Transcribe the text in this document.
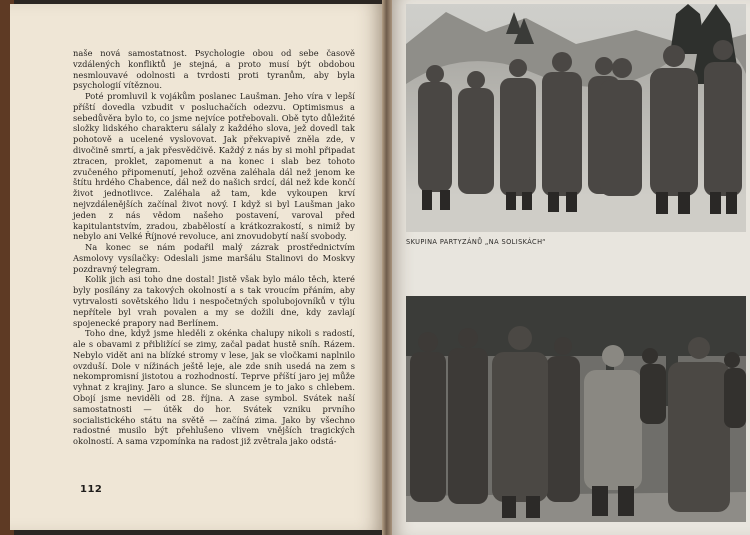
naše nová samostatnost. Psychologie obou od sebe časově vzdálených konfliktů je stejná, a proto musí být obdobou nesmlouvavé odolnosti a tvrdosti proti tyranům, aby byla psychologií vítěznou.

Poté promluvil k vojákům poslanec Laušman. Jeho víra v lepší příští dovedla vzbudit v posluchačích odezvu. Optimismus a sebedůvěra bylo to, co jsme nejvíce potřebovali. Obě tyto důležité složky lidského charakteru sálaly z každého slova, jež dovedl tak pohotově a ucelené vyslovovat. Jak překvapivě zněla zde, v divočině smrtí, a jak přesvědčivě. Každý z nás by si mohl připadat ztracen, proklet, zapomenut a na konec i slab bez tohoto zvučeného připomenutí, jehož ozvěna zaléhala dál než jenom ke štítu hrdého Chabence, dál než do našich srdcí, dál než kde končí život jednotlivce. Zaléhala až tam, kde vykoupen krví nejvzdálenějších začínal život nový. I když si byl Laušman jako jeden z nás vědom našeho postavení, varoval před kapitulantstvím, zradou, zbabělostí a krátkozrakostí, s nimiž by nebylo ani Velké Říjnové revoluce, ani znovudobytí naší svobody.

Na konec se nám podařil malý zázrak prostřednictvím Asmolovy vysílačky: Odeslali jsme maršálu Stalinovi do Moskvy pozdravný telegram.

Kolik jich asi toho dne dostal! Jistě však bylo málo těch, které byly posílány za takových okolností a s tak vroucím přáním, aby vytrvalosti sovětského lidu i nespočetných spolubojovníků v týlu nepřítele byl vrah povalen a my se dožili dne, kdy zavlají spojenecké prapory nad Berlínem.

Toho dne, když jsme hleděli z okénka chalupy nikoli s radostí, ale s obavami z přibližící se zimy, začal padat hustě sníh. Rázem. Nebylo vidět ani na blízké stromy v lese, jak se vločkami naplnilo ovzduší. Dole v nížinách ještě leje, ale zde snih usedá na zem s nekompromisní jistotou a rozhodností. Teprve příští jaro jej může vyhnat z krajiny. Jaro a slunce. Se sluncem je to jako s chlebem. Obojí jsme neviděli od 28. října. A zase symbol. Svátek naší samostatnosti — útěk do hor. Svátek vzniku prvního socialistického státu na světě — začíná zima. Jako by všechno radostné musilo být přehlušeno vlivem vnějších tragických okolností. A sama vzpomínka na radost již zvětrala jako odstá-

112
SKUPINA PARTYZÁNŮ „NA SOLISKÁCH“
